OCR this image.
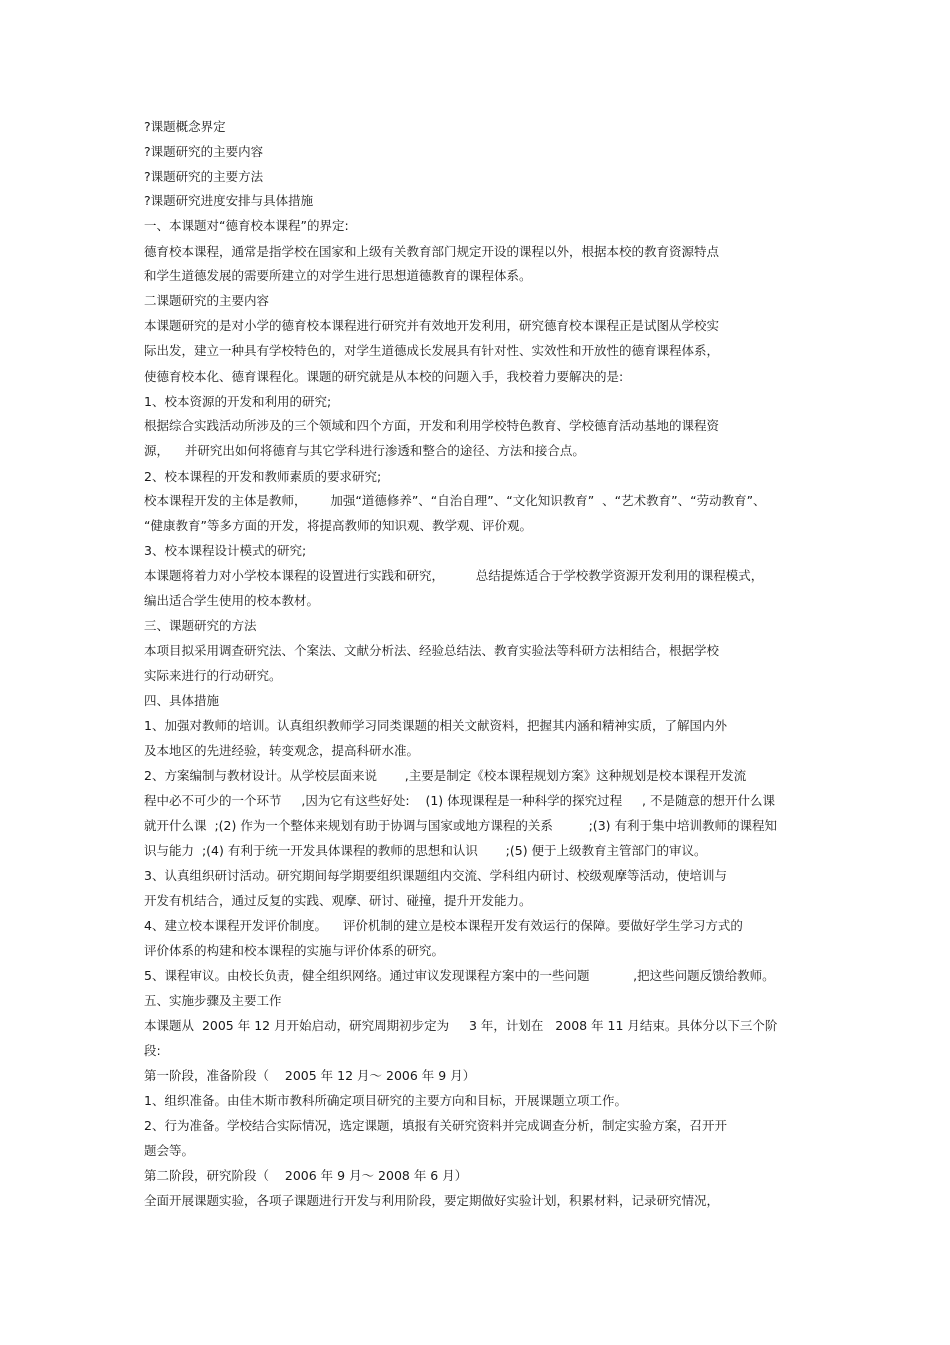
?课题概念界定
?课题研究的主要内容
?课题研究的主要方法
?课题研究进度安排与具体措施
一、本课题对“德育校本课程”的界定:
德育校本课程，通常是指学校在国家和上级有关教育部门规定开设的课程以外，根据本校的教育资源特点
和学生道德发展的需要所建立的对学生进行思想道德教育的课程体系。
二课题研究的主要内容
本课题研究的是对小学的德育校本课程进行研究并有效地开发利用，研究德育校本课程正是试图从学校实
际出发，建立一种具有学校特色的，对学生道德成长发展具有针对性、实效性和开放性的德育课程体系，
使德育校本化、德育课程化。课题的研究就是从本校的问题入手，我校着力要解决的是:
1、校本资源的开发和利用的研究;
根据综合实践活动所涉及的三个领域和四个方面，开发和利用学校特色教育、学校德育活动基地的课程资
源，    并研究出如何将德育与其它学科进行渗透和整合的途径、方法和接合点。
2、校本课程的开发和教师素质的要求研究;
校本课程开发的主体是教师，      加强“道德修养”、“自治自理”、“文化知识教育”  、“艺术教育”、“劳动教育”、
“健康教育”等多方面的开发，将提高教师的知识观、教学观、评价观。
3、校本课程设计模式的研究;
本课题将着力对小学校本课程的设置进行实践和研究，        总结提炼适合于学校教学资源开发利用的课程模式，
编出适合学生使用的校本教材。
三、课题研究的方法
本项目拟采用调查研究法、个案法、文献分析法、经验总结法、教育实验法等科研方法相结合，根据学校
实际来进行的行动研究。
四、具体措施
1、加强对教师的培训。认真组织教师学习同类课题的相关文献资料，把握其内涵和精神实质，了解国内外
及本地区的先进经验，转变观念，提高科研水准。
2、方案编制与教材设计。从学校层面来说       ,主要是制定《校本课程规划方案》这种规划是校本课程开发流
程中必不可少的一个环节     ,因为它有这些好处:    (1) 体现课程是一种科学的探究过程     , 不是随意的想开什么课
就开什么课  ;(2) 作为一个整体来规划有助于协调与国家或地方课程的关系         ;(3) 有利于集中培训教师的课程知
识与能力  ;(4) 有利于统一开发具体课程的教师的思想和认识       ;(5) 便于上级教育主管部门的审议。
3、认真组织研讨活动。研究期间每学期要组织课题组内交流、学科组内研讨、校级观摩等活动，使培训与
开发有机结合，通过反复的实践、观摩、研讨、碰撞，提升开发能力。
4、建立校本课程开发评价制度。    评价机制的建立是校本课程开发有效运行的保障。要做好学生学习方式的
评价体系的构建和校本课程的实施与评价体系的研究。
5、课程审议。由校长负责，健全组织网络。通过审议发现课程方案中的一些问题           ,把这些问题反馈给教师。
五、实施步骤及主要工作
本课题从  2005 年 12 月开始启动，研究周期初步定为     3 年，计划在   2008 年 11 月结束。具体分以下三个阶
段:
第一阶段，准备阶段（    2005 年 12 月～ 2006 年 9 月）
1、组织准备。由佳木斯市教科所确定项目研究的主要方向和目标，开展课题立项工作。
2、行为准备。学校结合实际情况，选定课题，填报有关研究资料并完成调查分析，制定实验方案，召开开
题会等。
第二阶段，研究阶段（    2006 年 9 月～ 2008 年 6 月）
全面开展课题实验，各项子课题进行开发与利用阶段，要定期做好实验计划，积累材料，记录研究情况，
